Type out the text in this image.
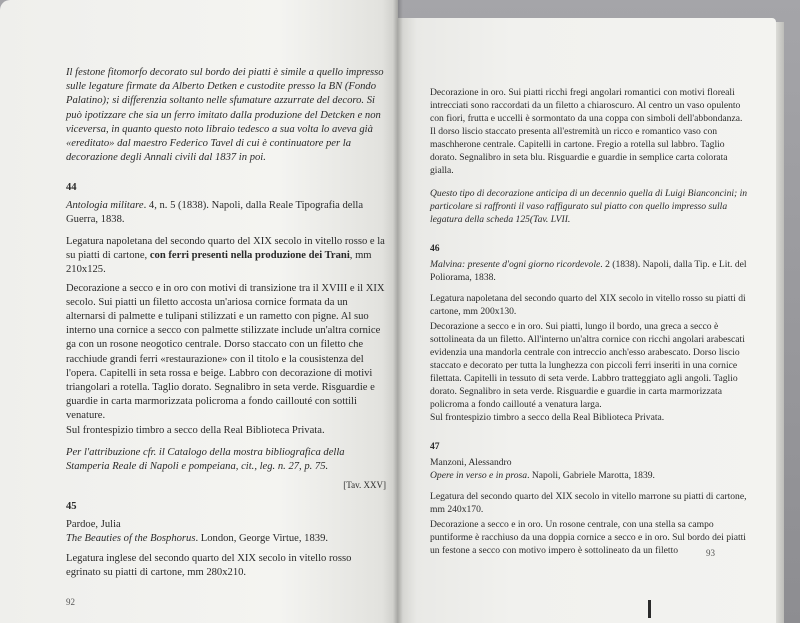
Il festone fitomorfo decorato sul bordo dei piatti è simile a quello impresso sulle legature firmate da Alberto Detken e custodite presso la BN (Fondo Palatino); si differenzia soltanto nelle sfumature azzurrate del decoro. Si può ipotizzare che sia un ferro imitato dalla produzione del Detcken e non viceversa, in quanto questo noto libraio tedesco a sua volta lo aveva già «ereditato» dal maestro Federico Tavel di cui è continuatore per la decorazione degli Annali civili dal 1837 in poi.

44

Antologia militare. 4, n. 5 (1838). Napoli, dalla Reale Tipografia della Guerra, 1838.

Legatura napoletana del secondo quarto del XIX secolo in vitello rosso e la su piatti di cartone, con ferri presenti nella produzione dei Trani, mm 210x125.

Decorazione a secco e in oro con motivi di transizione tra il XVIII e il XIX secolo. Sui piatti un filetto accosta un'ariosa cornice formata da un alternarsi di palmette e tulipani stilizzati e un rametto con pigne. Al suo interno una cornice a secco con palmette stilizzate include un'altra cornice ga con un rosone neogotico centrale. Dorso staccato con un filetto che racchiude grandi ferri «restaurazione» con il titolo e la cousistenza del l'opera. Capitelli in seta rossa e beige. Labbro con decorazione di motivi triangolari a rotella. Taglio dorato. Segnalibro in seta verde. Risguardie e guardie in carta marmorizzata policroma a fondo caillouté con sottili venature.

Sul frontespizio timbro a secco della Real Biblioteca Privata.

Per l'attribuzione cfr. il Catalogo della mostra bibliografica della Stamperia Reale di Napoli e pompeiana, cit., leg. n. 27, p. 75.

[Tav. XXV]
45
Pardoe, Julia

The Beauties of the Bosphorus. London, George Virtue, 1839.

Legatura inglese del secondo quarto del XIX secolo in vitello rosso egrinato su piatti di cartone, mm 280x210.

92

Decorazione in oro. Sui piatti ricchi fregi angolari romantici con motivi floreali intrecciati sono raccordati da un filetto a chiaroscuro. Al centro un vaso opulento con fiori, frutta e uccelli è sormontato da una coppa con simboli dell'abbondanza. Il dorso liscio staccato presenta all'estremità un ricco e romantico vaso con maschherone centrale. Capitelli in cartone. Fregio a rotella sul labbro. Taglio dorato. Segnalibro in seta blu. Risguardie e guardie in semplice carta colorata gialla.

Questo tipo di decorazione anticipa di un decennio quella di Luigi Bianconcini; in particolare si raffronti il vaso raffigurato sul piatto con quello impresso sulla legatura della scheda 125(Tav. LVII.

46

Malvina: presente d'ogni giorno ricordevole. 2 (1838). Napoli, dalla Tip. e Lit. del Poliorama, 1838.

Legatura napoletana del secondo quarto del XIX secolo in vitello rosso su piatti di cartone, mm 200x130.

Decorazione a secco e in oro. Sui piatti, lungo il bordo, una greca a secco è sottolineata da un filetto. All'interno un'altra cornice con ricchi angolari arabescati evidenzia una mandorla centrale con intreccio anch'esso arabescato. Dorso liscio staccato e decorato per tutta la lunghezza con piccoli ferri inseriti in una cornice filettata. Capitelli in tessuto di seta verde. Labbro tratteggiato agli angoli. Taglio dorato. Segnalibro in seta verde. Risguardie e guardie in carta marmorizzata policroma a fondo caillouté a venatura larga.

Sul frontespizio timbro a secco della Real Biblioteca Privata.

47
Manzoni, Alessandro

Opere in verso e in prosa. Napoli, Gabriele Marotta, 1839.

Legatura del secondo quarto del XIX secolo in vitello marrone su piatti di cartone, mm 240x170.

Decorazione a secco e in oro. Un rosone centrale, con una stella sa campo puntiforme è racchiuso da una doppia cornice a secco e in oro. Sul bordo dei piatti un festone a secco con motivo impero è sottolineato da un filetto	93
